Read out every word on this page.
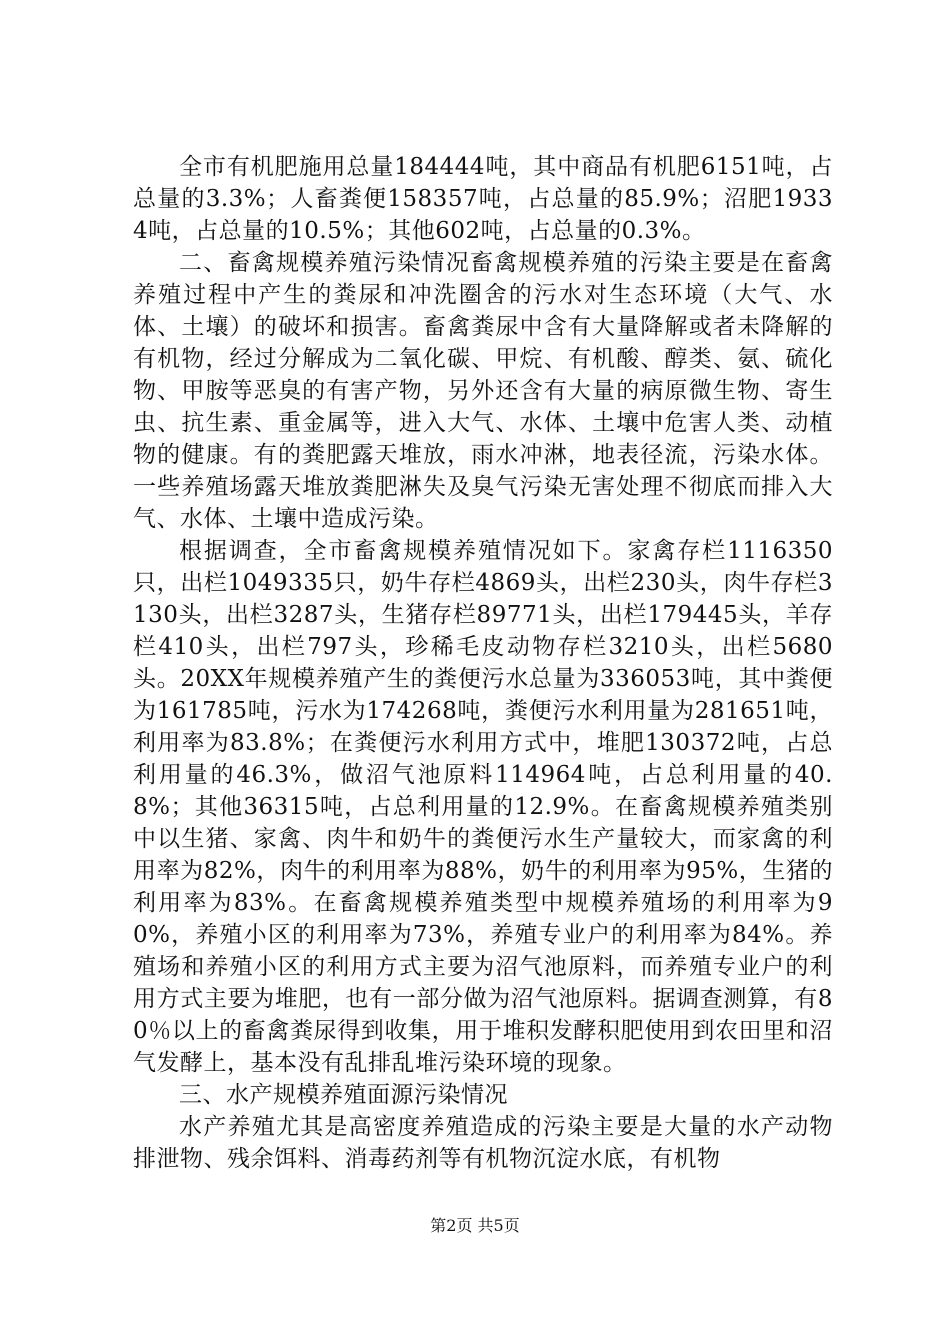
全市有机肥施用总量184444吨，其中商品有机肥6151吨，占总量的3.3%；人畜粪便158357吨，占总量的85.9%；沼肥19334吨，占总量的10.5%；其他602吨，占总量的0.3%。

二、畜禽规模养殖污染情况畜禽规模养殖的污染主要是在畜禽养殖过程中产生的粪尿和冲洗圈舍的污水对生态环境（大气、水体、土壤）的破坏和损害。畜禽粪尿中含有大量降解或者未降解的有机物，经过分解成为二氧化碳、甲烷、有机酸、醇类、氨、硫化物、甲胺等恶臭的有害产物，另外还含有大量的病原微生物、寄生虫、抗生素、重金属等，进入大气、水体、土壤中危害人类、动植物的健康。有的粪肥露天堆放，雨水冲淋，地表径流，污染水体。一些养殖场露天堆放粪肥淋失及臭气污染无害处理不彻底而排入大气、水体、土壤中造成污染。

根据调查，全市畜禽规模养殖情况如下。家禽存栏1116350只，出栏1049335只，奶牛存栏4869头，出栏230头，肉牛存栏3130头，出栏3287头，生猪存栏89771头，出栏179445头，羊存栏410头，出栏797头，珍稀毛皮动物存栏3210头，出栏5680头。20XX年规模养殖产生的粪便污水总量为336053吨，其中粪便为161785吨，污水为174268吨，粪便污水利用量为281651吨，利用率为83.8%；在粪便污水利用方式中，堆肥130372吨，占总利用量的46.3%，做沼气池原料114964吨，占总利用量的40.8%；其他36315吨，占总利用量的12.9%。在畜禽规模养殖类别中以生猪、家禽、肉牛和奶牛的粪便污水生产量较大，而家禽的利用率为82%，肉牛的利用率为88%，奶牛的利用率为95%，生猪的利用率为83%。在畜禽规模养殖类型中规模养殖场的利用率为90%，养殖小区的利用率为73%，养殖专业户的利用率为84%。养殖场和养殖小区的利用方式主要为沼气池原料，而养殖专业户的利用方式主要为堆肥，也有一部分做为沼气池原料。据调查测算，有80％以上的畜禽粪尿得到收集，用于堆积发酵积肥使用到农田里和沼气发酵上，基本没有乱排乱堆污染环境的现象。

三、水产规模养殖面源污染情况

水产养殖尤其是高密度养殖造成的污染主要是大量的水产动物排泄物、残余饵料、消毒药剂等有机物沉淀水底，有机物

第2页 共5页
